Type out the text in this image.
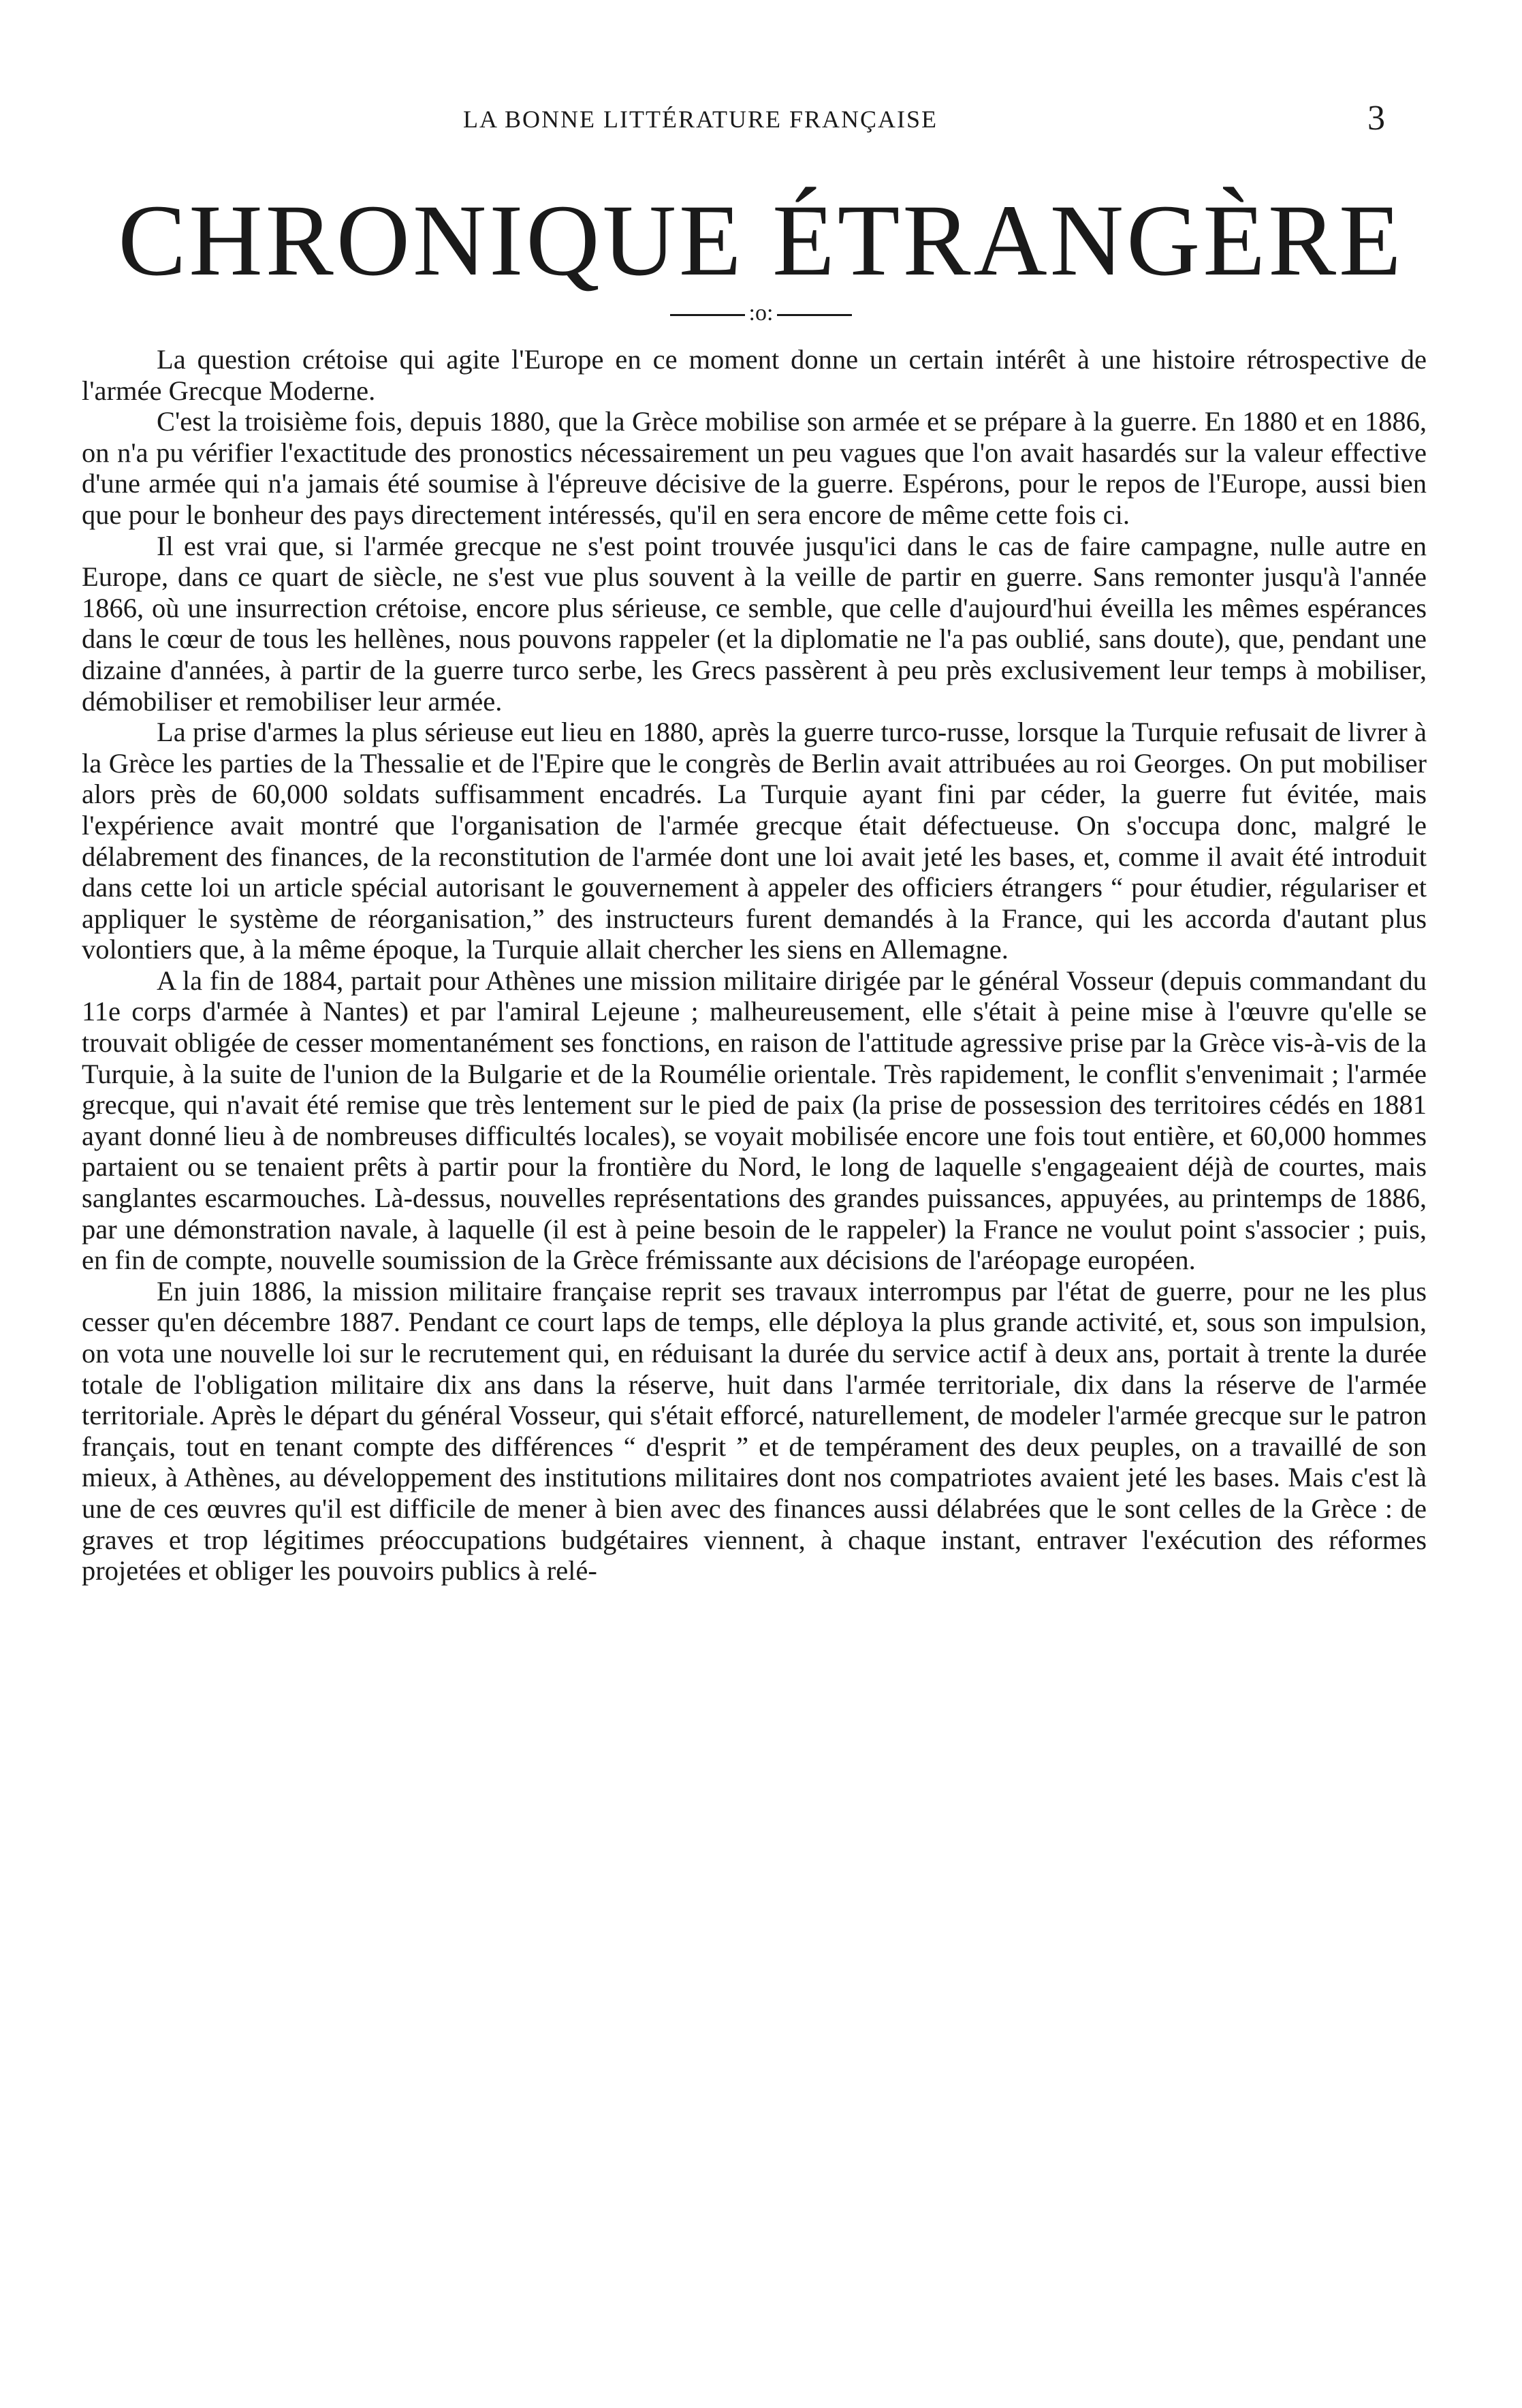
LA BONNE LITTÉRATURE FRANÇAISE	3
CHRONIQUE ÉTRANGÈRE
:o:

La question crétoise qui agite l'Europe en ce moment donne un certain intérêt à une histoire rétrospective de l'armée Grecque Moderne.

C'est la troisième fois, depuis 1880, que la Grèce mobilise son armée et se prépare à la guerre. En 1880 et en 1886, on n'a pu vérifier l'exactitude des pronostics nécessairement un peu vagues que l'on avait hasardés sur la valeur effective d'une armée qui n'a jamais été soumise à l'épreuve décisive de la guerre. Espérons, pour le repos de l'Europe, aussi bien que pour le bonheur des pays directement intéressés, qu'il en sera encore de même cette fois ci.

Il est vrai que, si l'armée grecque ne s'est point trouvée jusqu'ici dans le cas de faire campagne, nulle autre en Europe, dans ce quart de siècle, ne s'est vue plus souvent à la veille de partir en guerre. Sans remonter jusqu'à l'année 1866, où une insurrection crétoise, encore plus sérieuse, ce semble, que celle d'aujourd'hui éveilla les mêmes espérances dans le cœur de tous les hellènes, nous pouvons rappeler (et la diplomatie ne l'a pas oublié, sans doute), que, pendant une dizaine d'années, à partir de la guerre turco serbe, les Grecs passèrent à peu près exclusivement leur temps à mobiliser, démobiliser et remobiliser leur armée.

La prise d'armes la plus sérieuse eut lieu en 1880, après la guerre turco-russe, lorsque la Turquie refusait de livrer à la Grèce les parties de la Thessalie et de l'Epire que le congrès de Berlin avait attribuées au roi Georges. On put mobiliser alors près de 60,000 soldats suffisamment encadrés. La Turquie ayant fini par céder, la guerre fut évitée, mais l'expérience avait montré que l'organisation de l'armée grecque était défectueuse. On s'occupa donc, malgré le délabrement des finances, de la reconstitution de l'armée dont une loi avait jeté les bases, et, comme il avait été introduit dans cette loi un article spécial autorisant le gouvernement à appeler des officiers étrangers “ pour étudier, régulariser et appliquer le système de réorganisation,” des instructeurs furent demandés à la France, qui les accorda d'autant plus volontiers que, à la même époque, la Turquie allait chercher les siens en Allemagne.

A la fin de 1884, partait pour Athènes une mission militaire dirigée par le général Vosseur (depuis commandant du 11e corps d'armée à Nantes) et par l'amiral Lejeune ; malheureusement, elle s'était à peine mise à l'œuvre qu'elle se trouvait obligée de cesser momentanément ses fonctions, en raison de l'attitude agressive prise par la Grèce vis-à-vis de la Turquie, à la suite de l'union de la Bulgarie et de la Roumélie orientale. Très rapidement, le conflit s'envenimait ; l'armée grecque, qui n'avait été remise que très lentement sur le pied de paix (la prise de possession des territoires cédés en 1881 ayant donné lieu à de nombreuses difficultés locales), se voyait mobilisée encore une fois tout entière, et 60,000 hommes partaient ou se tenaient prêts à partir pour la frontière du Nord, le long de laquelle s'engageaient déjà de courtes, mais sanglantes escarmouches. Là-dessus, nouvelles représentations des grandes puissances, appuyées, au printemps de 1886, par une démonstration navale, à laquelle (il est à peine besoin de le rappeler) la France ne voulut point s'associer ; puis, en fin de compte, nouvelle soumission de la Grèce frémissante aux décisions de l'aréopage européen.

En juin 1886, la mission militaire française reprit ses travaux interrompus par l'état de guerre, pour ne les plus cesser qu'en décembre 1887. Pendant ce court laps de temps, elle déploya la plus grande activité, et, sous son impulsion, on vota une nouvelle loi sur le recrutement qui, en réduisant la durée du service actif à deux ans, portait à trente la durée totale de l'obligation militaire dix ans dans la réserve, huit dans l'armée territoriale, dix dans la réserve de l'armée territoriale. Après le départ du général Vosseur, qui s'était efforcé, naturellement, de modeler l'armée grecque sur le patron français, tout en tenant compte des différences “ d'esprit ” et de tempérament des deux peuples, on a travaillé de son mieux, à Athènes, au développement des institutions militaires dont nos compatriotes avaient jeté les bases. Mais c'est là une de ces œuvres qu'il est difficile de mener à bien avec des finances aussi délabrées que le sont celles de la Grèce : de graves et trop légitimes préoccupations budgétaires viennent, à chaque instant, entraver l'exécution des réformes projetées et obliger les pouvoirs publics à relé-
